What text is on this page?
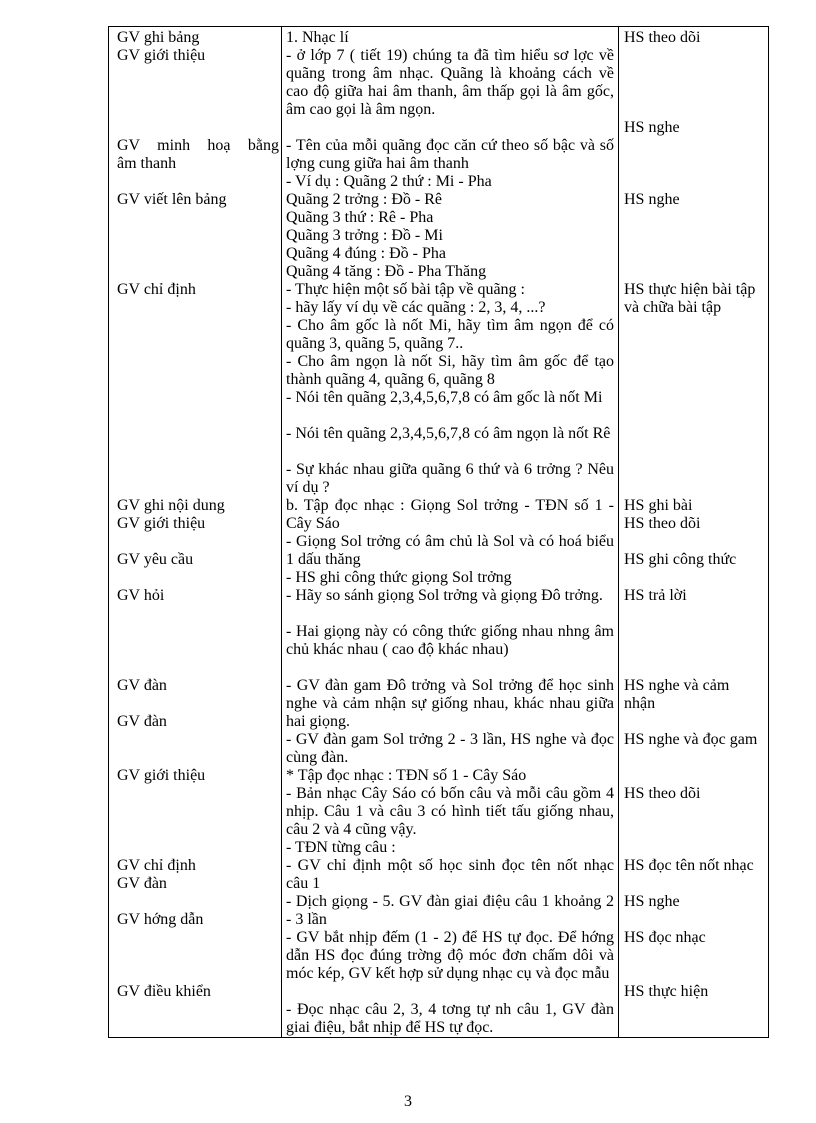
GV ghi bảng
GV giới thiệu
GV minh hoạ bằng
âm thanh
GV viết lên bảng
GV chỉ định
GV ghi nội dung
GV giới thiệu
GV yêu cầu
GV hỏi
GV đàn
GV đàn
GV giới thiệu
GV chỉ định
GV đàn
GV hớng dẫn
GV điều khiển
1. Nhạc lí
- ở lớp 7 ( tiết 19) chúng ta đã tìm hiểu sơ lợc về quãng trong âm nhạc. Quãng là khoảng cách về cao độ giữa hai âm thanh, âm thấp gọi là âm gốc, âm cao gọi là âm ngọn.
- Tên của mỗi quãng đọc căn cứ theo số bậc và số lợng cung giữa hai âm thanh
- Ví dụ : Quãng 2 thứ : Mi - Pha
Quãng 2 trởng : Đồ - Rê
Quãng 3 thứ : Rê - Pha
Quãng 3 trởng : Đồ - Mi
Quãng 4 đúng : Đồ - Pha
Quãng 4 tăng : Đồ - Pha Thăng
- Thực hiện một số bài tập về quãng :
- hãy lấy ví dụ về các quãng : 2, 3, 4, ...?
- Cho âm gốc là nốt Mi, hãy tìm âm ngọn để có quãng 3, quãng 5, quãng 7..
- Cho âm ngọn là nốt Si, hãy tìm âm gốc để tạo thành quãng 4, quãng 6, quãng 8
- Nói tên quãng 2,3,4,5,6,7,8 có âm gốc là nốt Mi
- Nói tên quãng 2,3,4,5,6,7,8 có âm ngọn là nốt Rê
- Sự khác nhau giữa quãng 6 thứ và 6 trởng ? Nêu ví dụ ?
b. Tập đọc nhạc : Giọng Sol trởng - TĐN số 1 - Cây Sáo
- Giọng Sol trởng có âm chủ là Sol và có hoá biểu 1 dấu thăng
- HS ghi công thức giọng Sol trởng
- Hãy so sánh giọng Sol trởng và giọng Đô trởng.
- Hai giọng này có công thức giống nhau nhng âm chủ khác nhau ( cao độ khác nhau)
- GV đàn gam Đô trởng và Sol trởng để học sinh nghe và cảm nhận sự giống nhau, khác nhau giữa hai giọng.
- GV đàn gam Sol trởng 2 - 3 lần, HS nghe và đọc cùng đàn.
* Tập đọc nhạc : TĐN số 1 - Cây Sáo
- Bản nhạc Cây Sáo có bốn câu và mỗi câu gồm 4 nhịp. Câu 1 và câu 3 có hình tiết tấu giống nhau, câu 2 và 4 cũng vậy.
- TĐN từng câu :
- GV chỉ định một số học sinh đọc tên nốt nhạc câu 1
- Dịch giọng - 5. GV đàn giai điệu câu 1 khoảng 2 - 3 lần
- GV bắt nhịp đếm (1 - 2) để HS tự đọc. Để hớng dẫn HS đọc đúng trờng độ móc đơn chấm dôi và móc kép, GV kết hợp sử dụng nhạc cụ và đọc mẫu
- Đọc nhạc câu 2, 3, 4 tơng tự nh câu 1, GV đàn giai điệu, bắt nhịp để HS tự đọc.
HS theo dõi
HS nghe
HS nghe
HS thực hiện bài tập và chữa bài tập
HS ghi bài
HS theo dõi
HS ghi công thức
HS trả lời
HS nghe và cảm nhận
HS nghe và đọc gam
HS theo dõi
HS đọc tên nốt nhạc
HS nghe
HS đọc nhạc
HS thực hiện
3
